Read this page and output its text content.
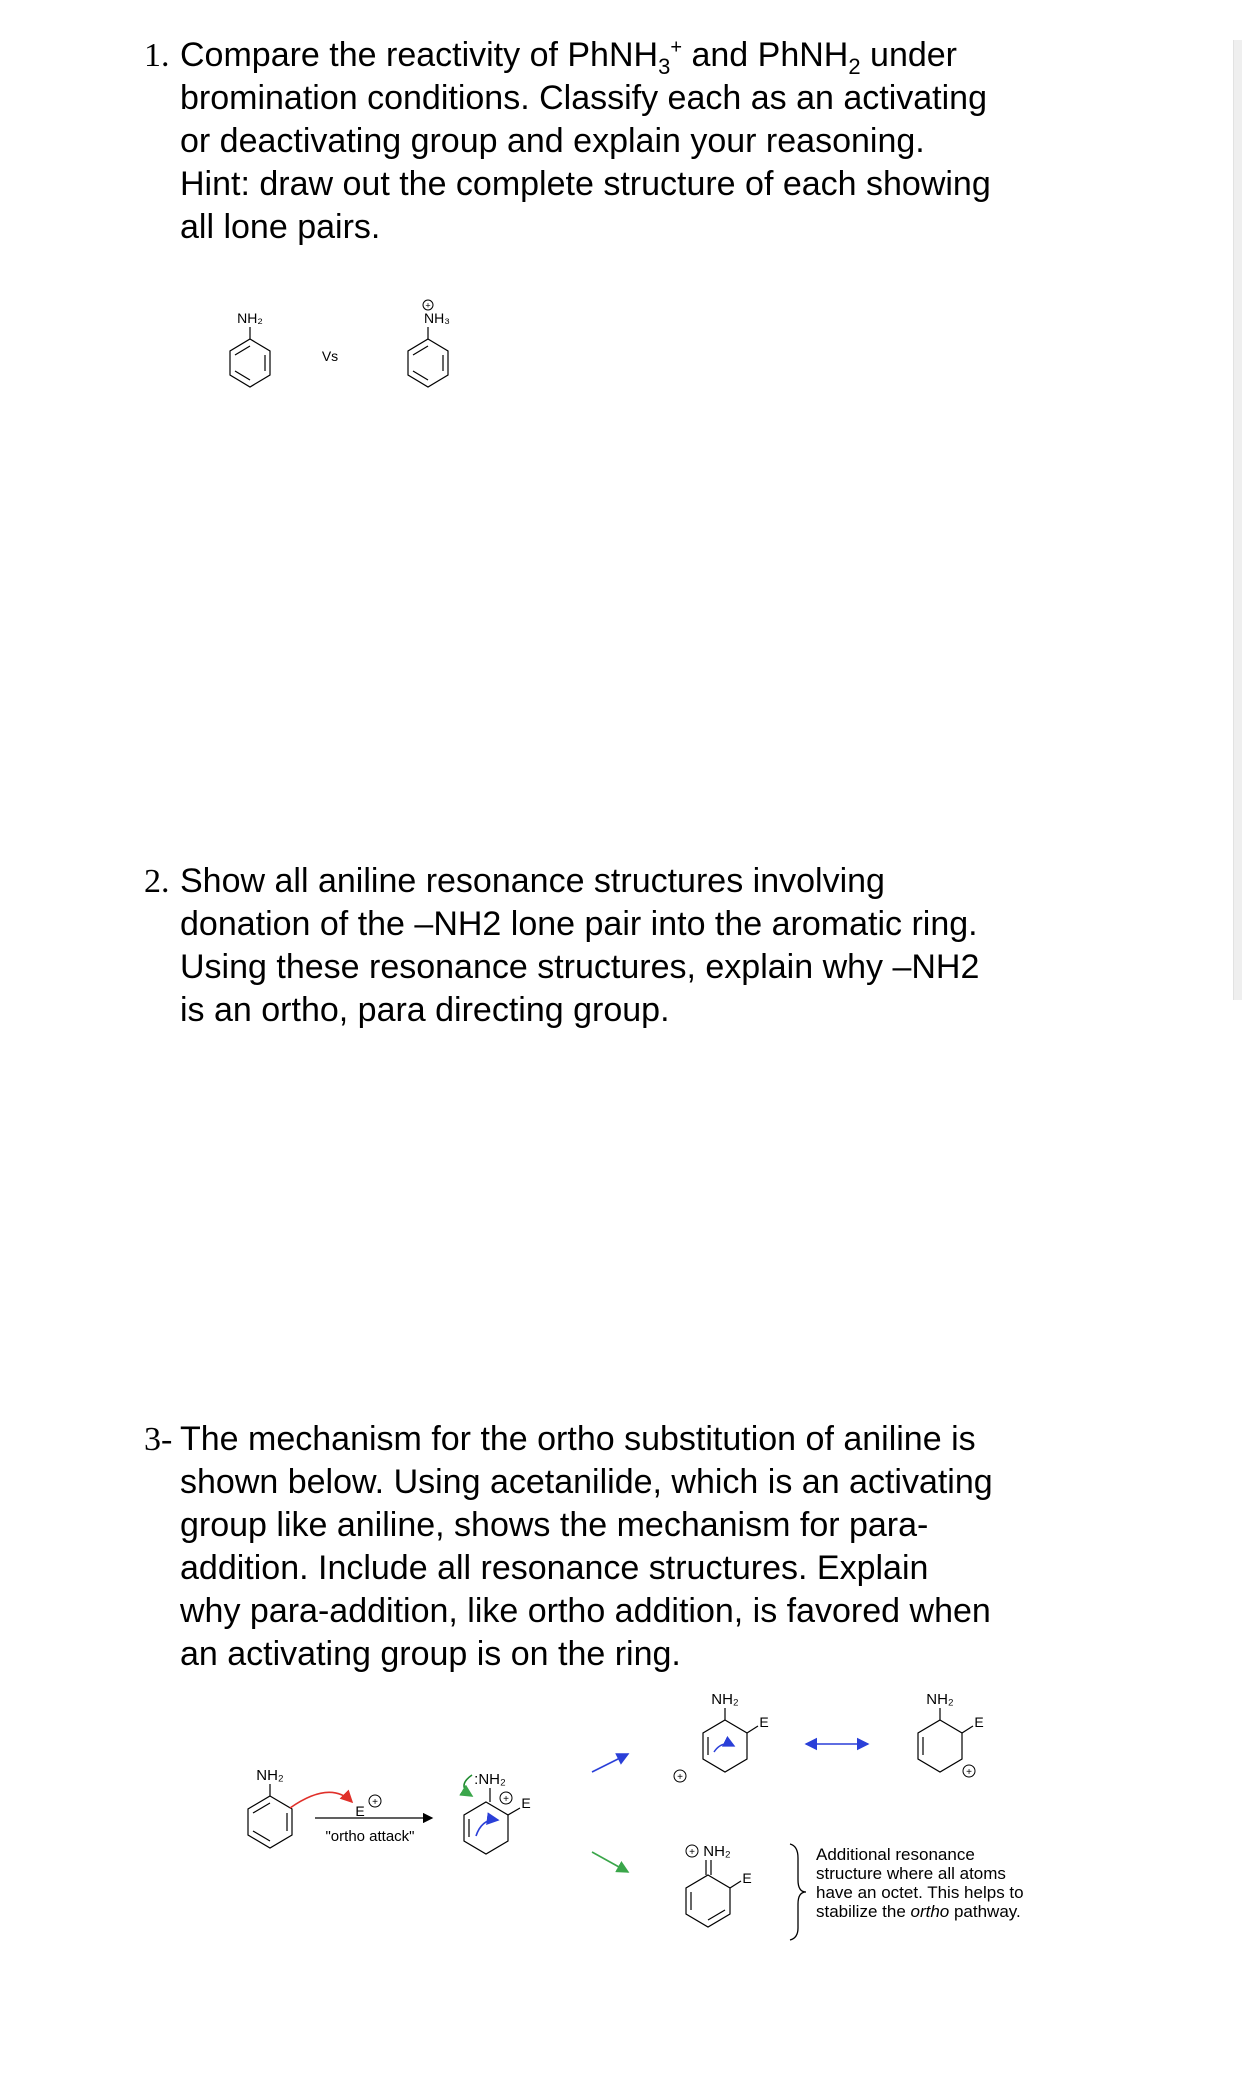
1. Compare the reactivity of PhNH$_3$+ and PhNH$_2$ under
bromination conditions. Classify each as an activating
or deactivating group and explain your reasoning.
Hint: draw out the complete structure of each showing
all lone pairs.
NH₂
Vs
+
NH₃
2. Show all aniline resonance structures involving
donation of the –NH2 lone pair into the aromatic ring.
Using these resonance structures, explain why –NH2
is an ortho, para directing group.
3- The mechanism for the ortho substitution of aniline is
shown below. Using acetanilide, which is an activating
group like aniline, shows the mechanism for para-
addition. Include all resonance structures. Explain
why para-addition, like ortho addition, is favored when
an activating group is on the ring.
NH₂
E
+
"ortho attack"
:NH₂
+ E
NH₂
E
+
NH₂
E
+
+ NH₂
E
Additional resonance
structure where all atoms
have an octet. This helps to
stabilize the ortho pathway.
